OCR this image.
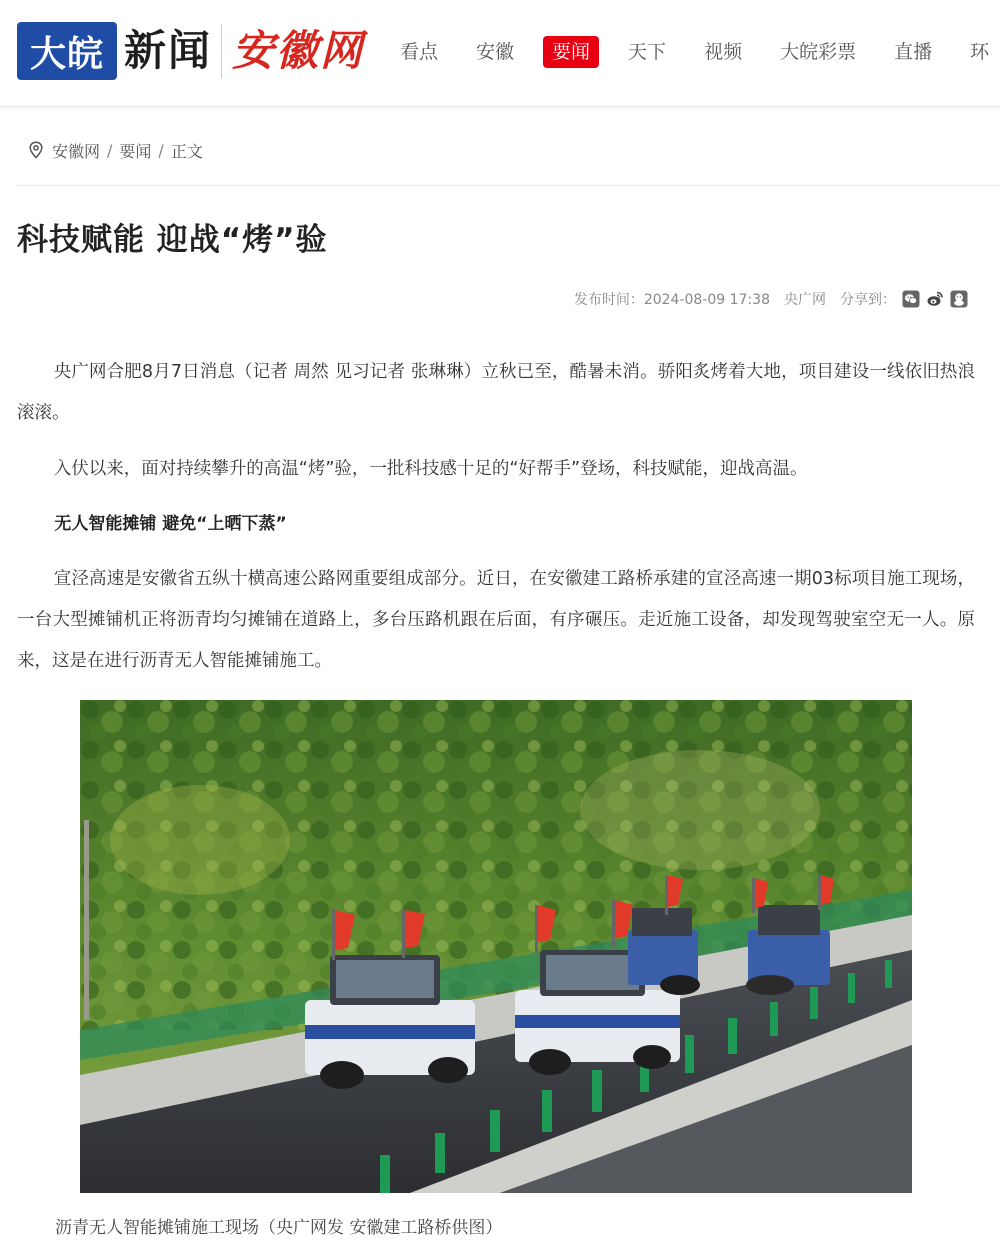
大皖 新闻 安徽网 看点 安徽	要闻	天下 视频 大皖彩票 直播 环
安徽网 / 要闻 / 正文
科技赋能 迎战“烤”验
发布时间：2024-08-09 17:38 央广网 分享到：

央广网合肥8月7日消息（记者 周然 见习记者 张琳琳）立秋已至，酷暑未消。骄阳炙烤着大地，项目建设一线依旧热浪滚滚。

入伏以来，面对持续攀升的高温“烤”验，一批科技感十足的“好帮手”登场，科技赋能，迎战高温。

无人智能摊铺 避免“上晒下蒸”

宣泾高速是安徽省五纵十横高速公路网重要组成部分。近日，在安徽建工路桥承建的宣泾高速一期03标项目施工现场，一台大型摊铺机正将沥青均匀摊铺在道路上，多台压路机跟在后面，有序碾压。走近施工设备，却发现驾驶室空无一人。原来，这是在进行沥青无人智能摊铺施工。

沥青无人智能摊铺施工现场（央广网发 安徽建工路桥供图）
